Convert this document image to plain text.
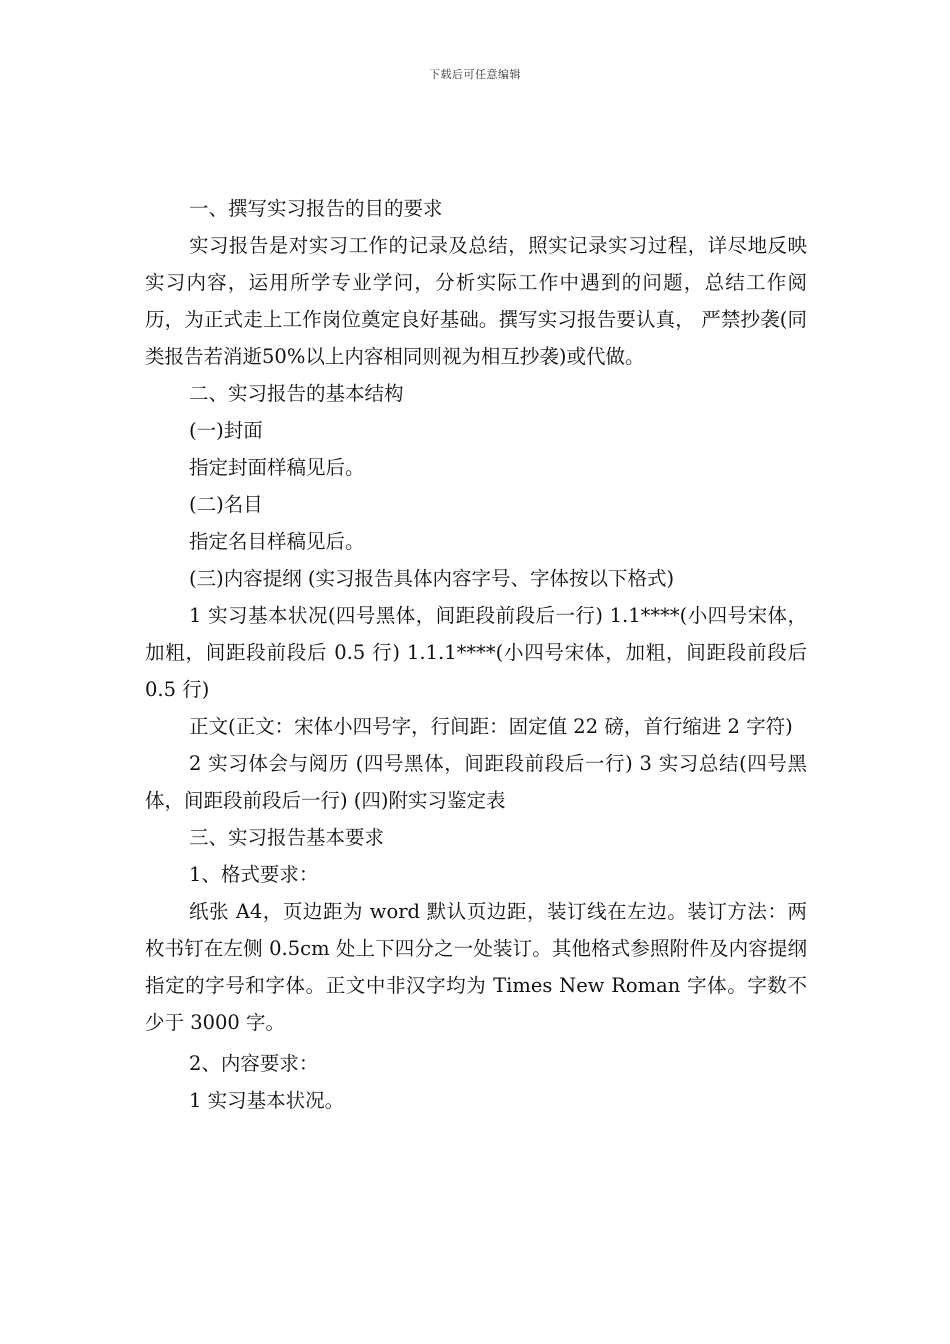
下载后可任意编辑

一、撰写实习报告的目的要求

实习报告是对实习工作的记录及总结，照实记录实习过程，详尽地反映实习内容，运用所学专业学问，分析实际工作中遇到的问题，总结工作阅历，为正式走上工作岗位奠定良好基础。撰写实习报告要认真， 严禁抄袭(同类报告若消逝50%以上内容相同则视为相互抄袭)或代做。

二、实习报告的基本结构

(一)封面

指定封面样稿见后。

(二)名目

指定名目样稿见后。

(三)内容提纲 (实习报告具体内容字号、字体按以下格式)

1 实习基本状况(四号黑体，间距段前段后一行) 1.1****(小四号宋体，加粗，间距段前段后 0.5 行) 1.1.1****(小四号宋体，加粗，间距段前段后 0.5 行)

正文(正文：宋体小四号字，行间距：固定值 22 磅，首行缩进 2 字符)

2 实习体会与阅历 (四号黑体，间距段前段后一行) 3 实习总结(四号黑体，间距段前段后一行) (四)附实习鉴定表

三、实习报告基本要求

1、格式要求：

纸张 A4，页边距为 word 默认页边距，装订线在左边。装订方法：两枚书钉在左侧 0.5cm 处上下四分之一处装订。其他格式参照附件及内容提纲指定的字号和字体。正文中非汉字均为 Times New Roman 字体。字数不少于 3000 字。

2、内容要求：

1 实习基本状况。
